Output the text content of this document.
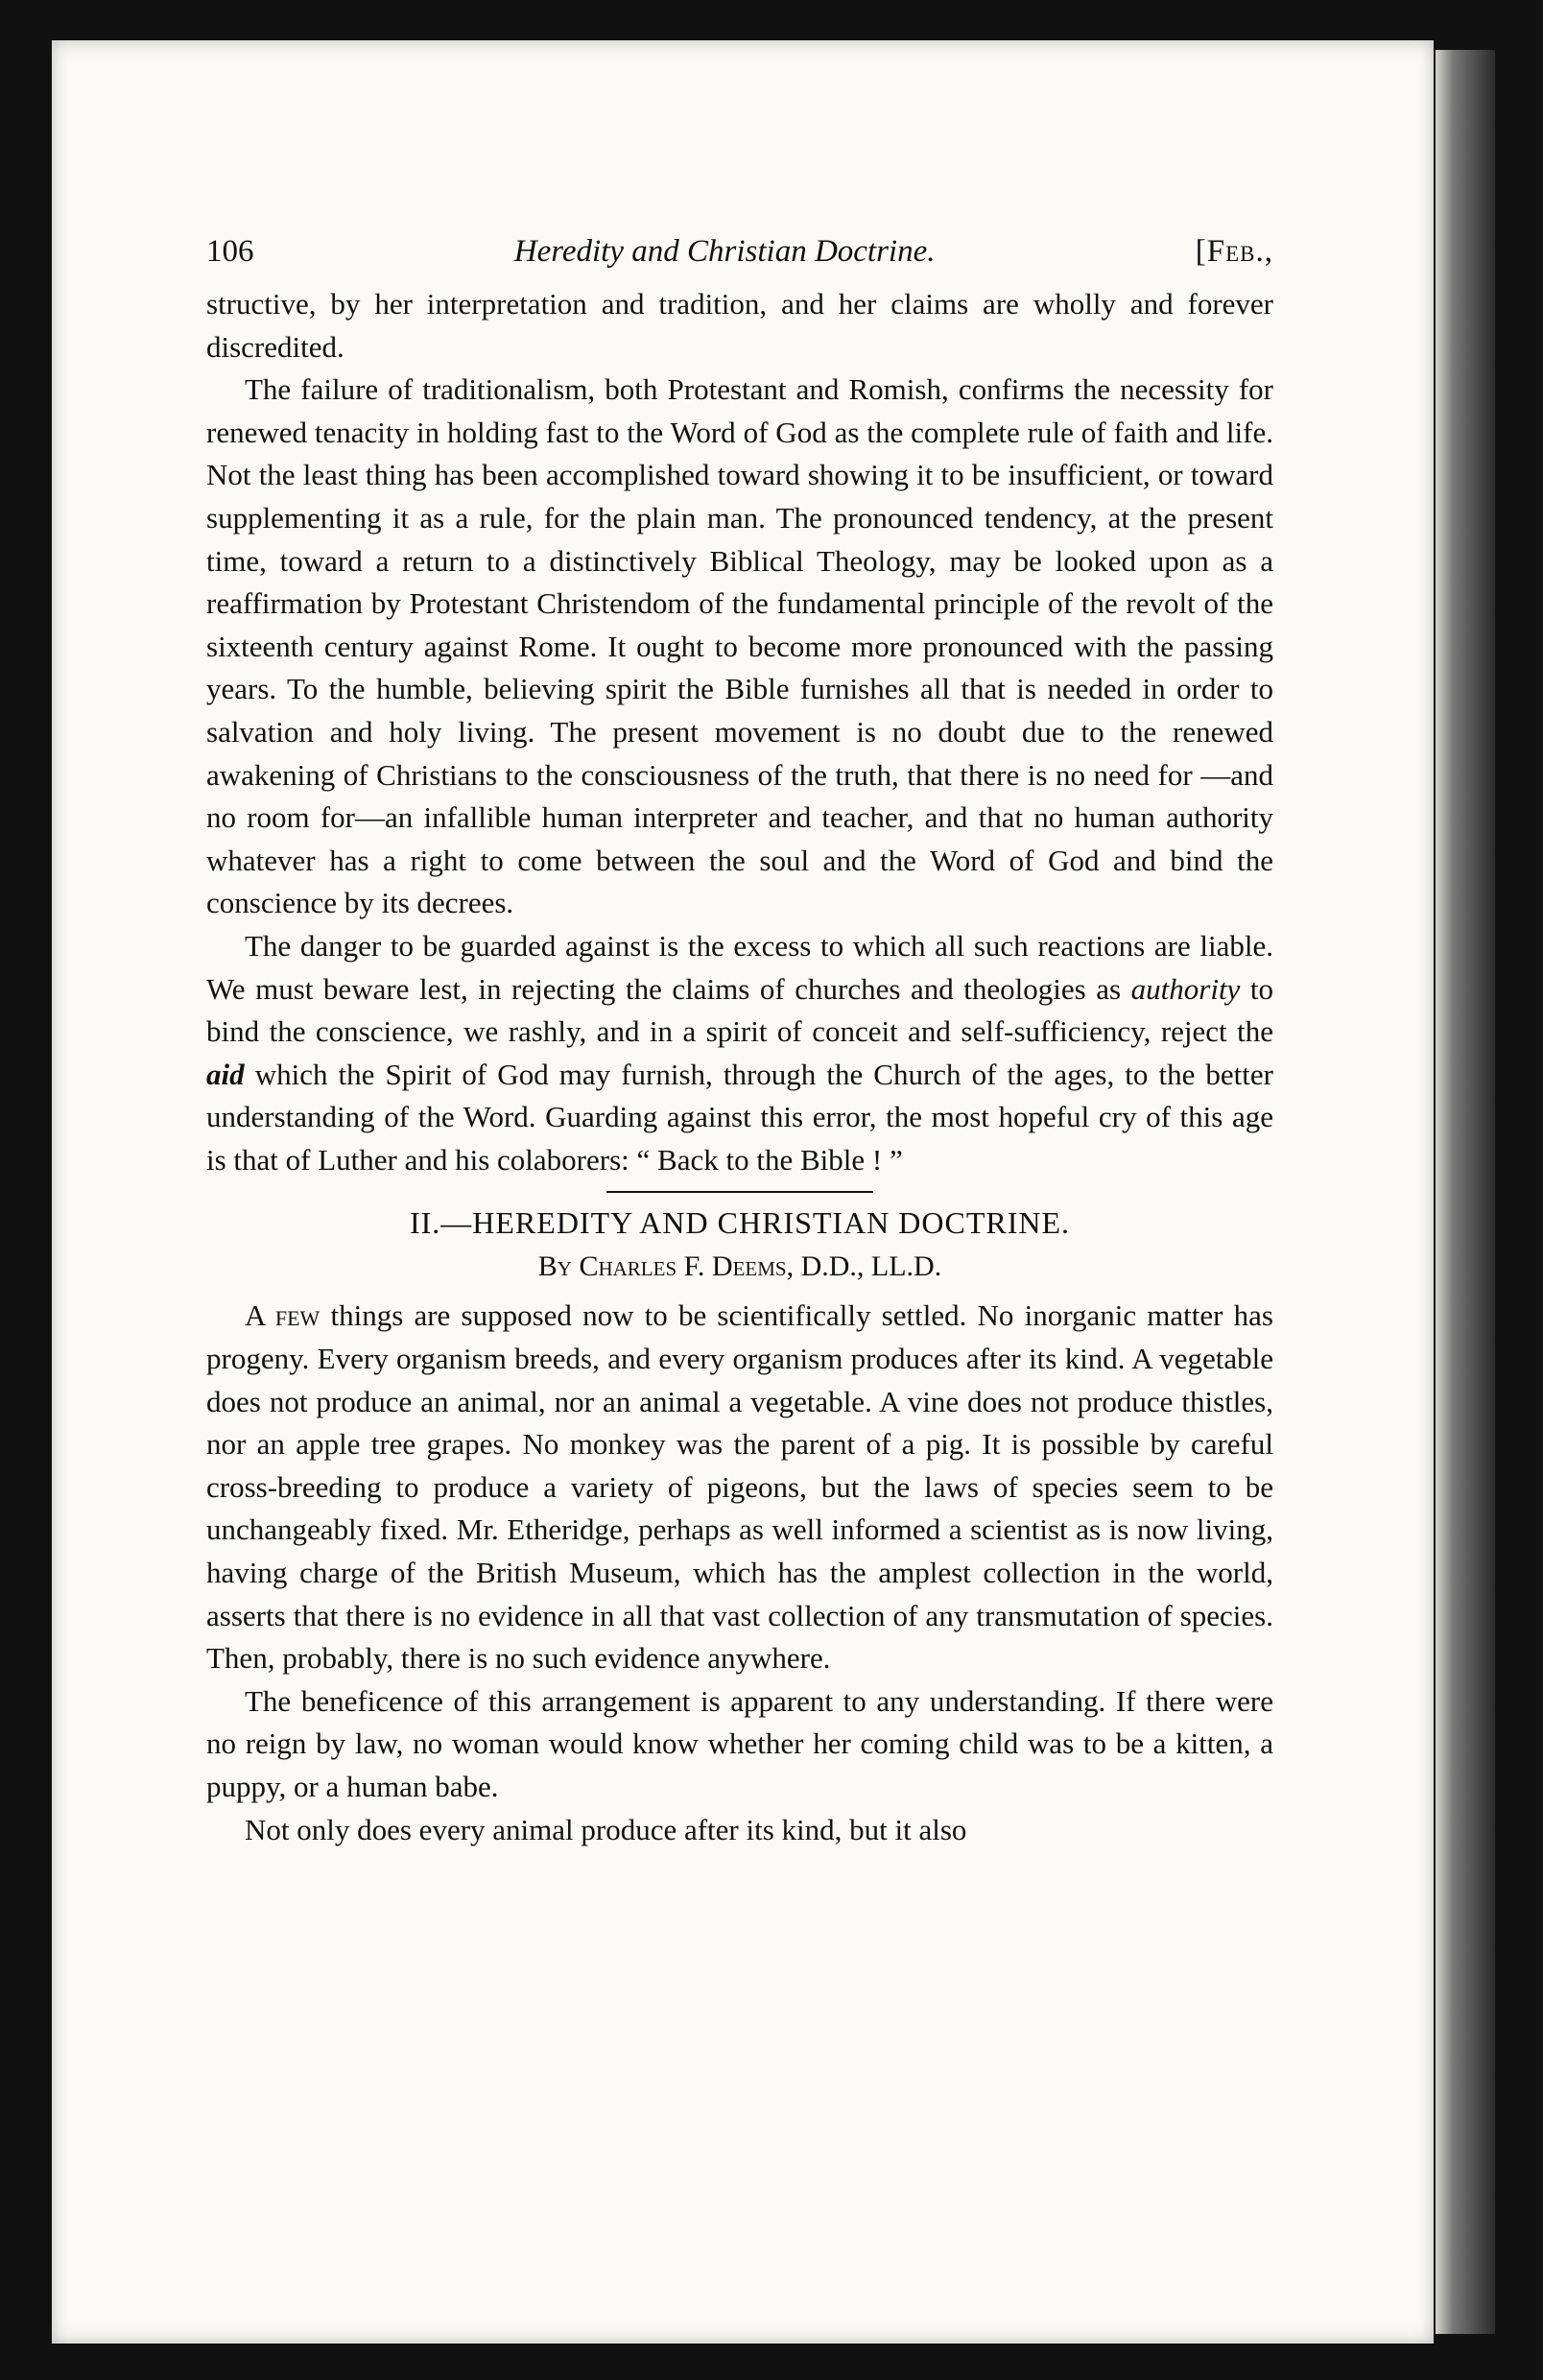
106	Heredity and Christian Doctrine.	[Feb.,

structive, by her interpretation and tradition, and her claims are wholly and forever discredited.

The failure of traditionalism, both Protestant and Romish, confirms the necessity for renewed tenacity in holding fast to the Word of God as the complete rule of faith and life. Not the least thing has been accomplished toward showing it to be insufficient, or toward supplementing it as a rule, for the plain man. The pronounced tendency, at the present time, toward a return to a distinctively Biblical Theology, may be looked upon as a reaffirmation by Protestant Christendom of the fundamental principle of the revolt of the sixteenth century against Rome. It ought to become more pronounced with the passing years. To the humble, believing spirit the Bible furnishes all that is needed in order to salvation and holy living. The present movement is no doubt due to the renewed awakening of Christians to the consciousness of the truth, that there is no need for —and no room for—an infallible human interpreter and teacher, and that no human authority whatever has a right to come between the soul and the Word of God and bind the conscience by its decrees.

The danger to be guarded against is the excess to which all such reactions are liable. We must beware lest, in rejecting the claims of churches and theologies as authority to bind the conscience, we rashly, and in a spirit of conceit and self-sufficiency, reject the aid which the Spirit of God may furnish, through the Church of the ages, to the better understanding of the Word. Guarding against this error, the most hopeful cry of this age is that of Luther and his colaborers: “ Back to the Bible ! ”

II.—HEREDITY AND CHRISTIAN DOCTRINE.
By Charles F. Deems, D.D., LL.D.

A few things are supposed now to be scientifically settled. No inorganic matter has progeny. Every organism breeds, and every organism produces after its kind. A vegetable does not produce an animal, nor an animal a vegetable. A vine does not produce thistles, nor an apple tree grapes. No monkey was the parent of a pig. It is possible by careful cross-breeding to produce a variety of pigeons, but the laws of species seem to be unchangeably fixed. Mr. Etheridge, perhaps as well informed a scientist as is now living, having charge of the British Museum, which has the amplest collection in the world, asserts that there is no evidence in all that vast collection of any transmutation of species. Then, probably, there is no such evidence anywhere.

The beneficence of this arrangement is apparent to any understanding. If there were no reign by law, no woman would know whether her coming child was to be a kitten, a puppy, or a human babe.

Not only does every animal produce after its kind, but it also
